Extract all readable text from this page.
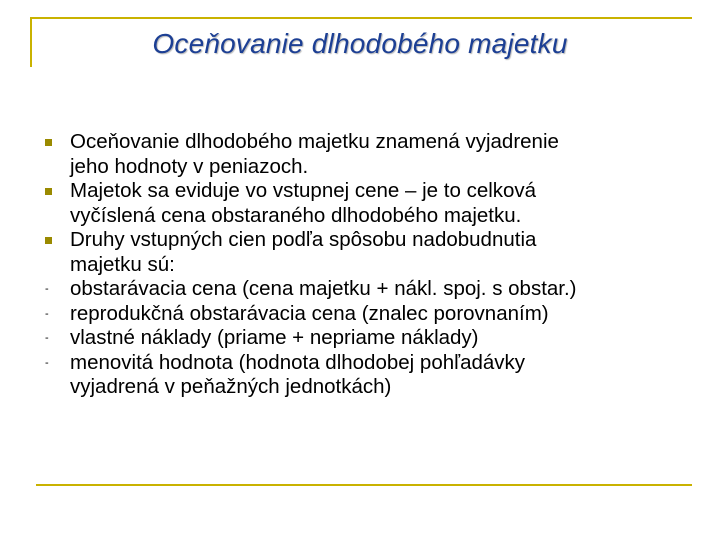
Oceňovanie dlhodobého majetku
Oceňovanie dlhodobého majetku znamená vyjadrenie
jeho hodnoty v peniazoch.
Majetok sa eviduje vo vstupnej cene – je to celková
vyčíslená cena obstaraného dlhodobého majetku.
Druhy vstupných cien podľa spôsobu nadobudnutia
majetku sú:
- obstarávacia cena (cena majetku + nákl. spoj. s obstar.)
- reprodukčná obstarávacia cena (znalec porovnaním)
- vlastné náklady (priame + nepriame náklady)
- menovitá hodnota (hodnota dlhodobej pohľadávky
vyjadrená v peňažných jednotkách)
